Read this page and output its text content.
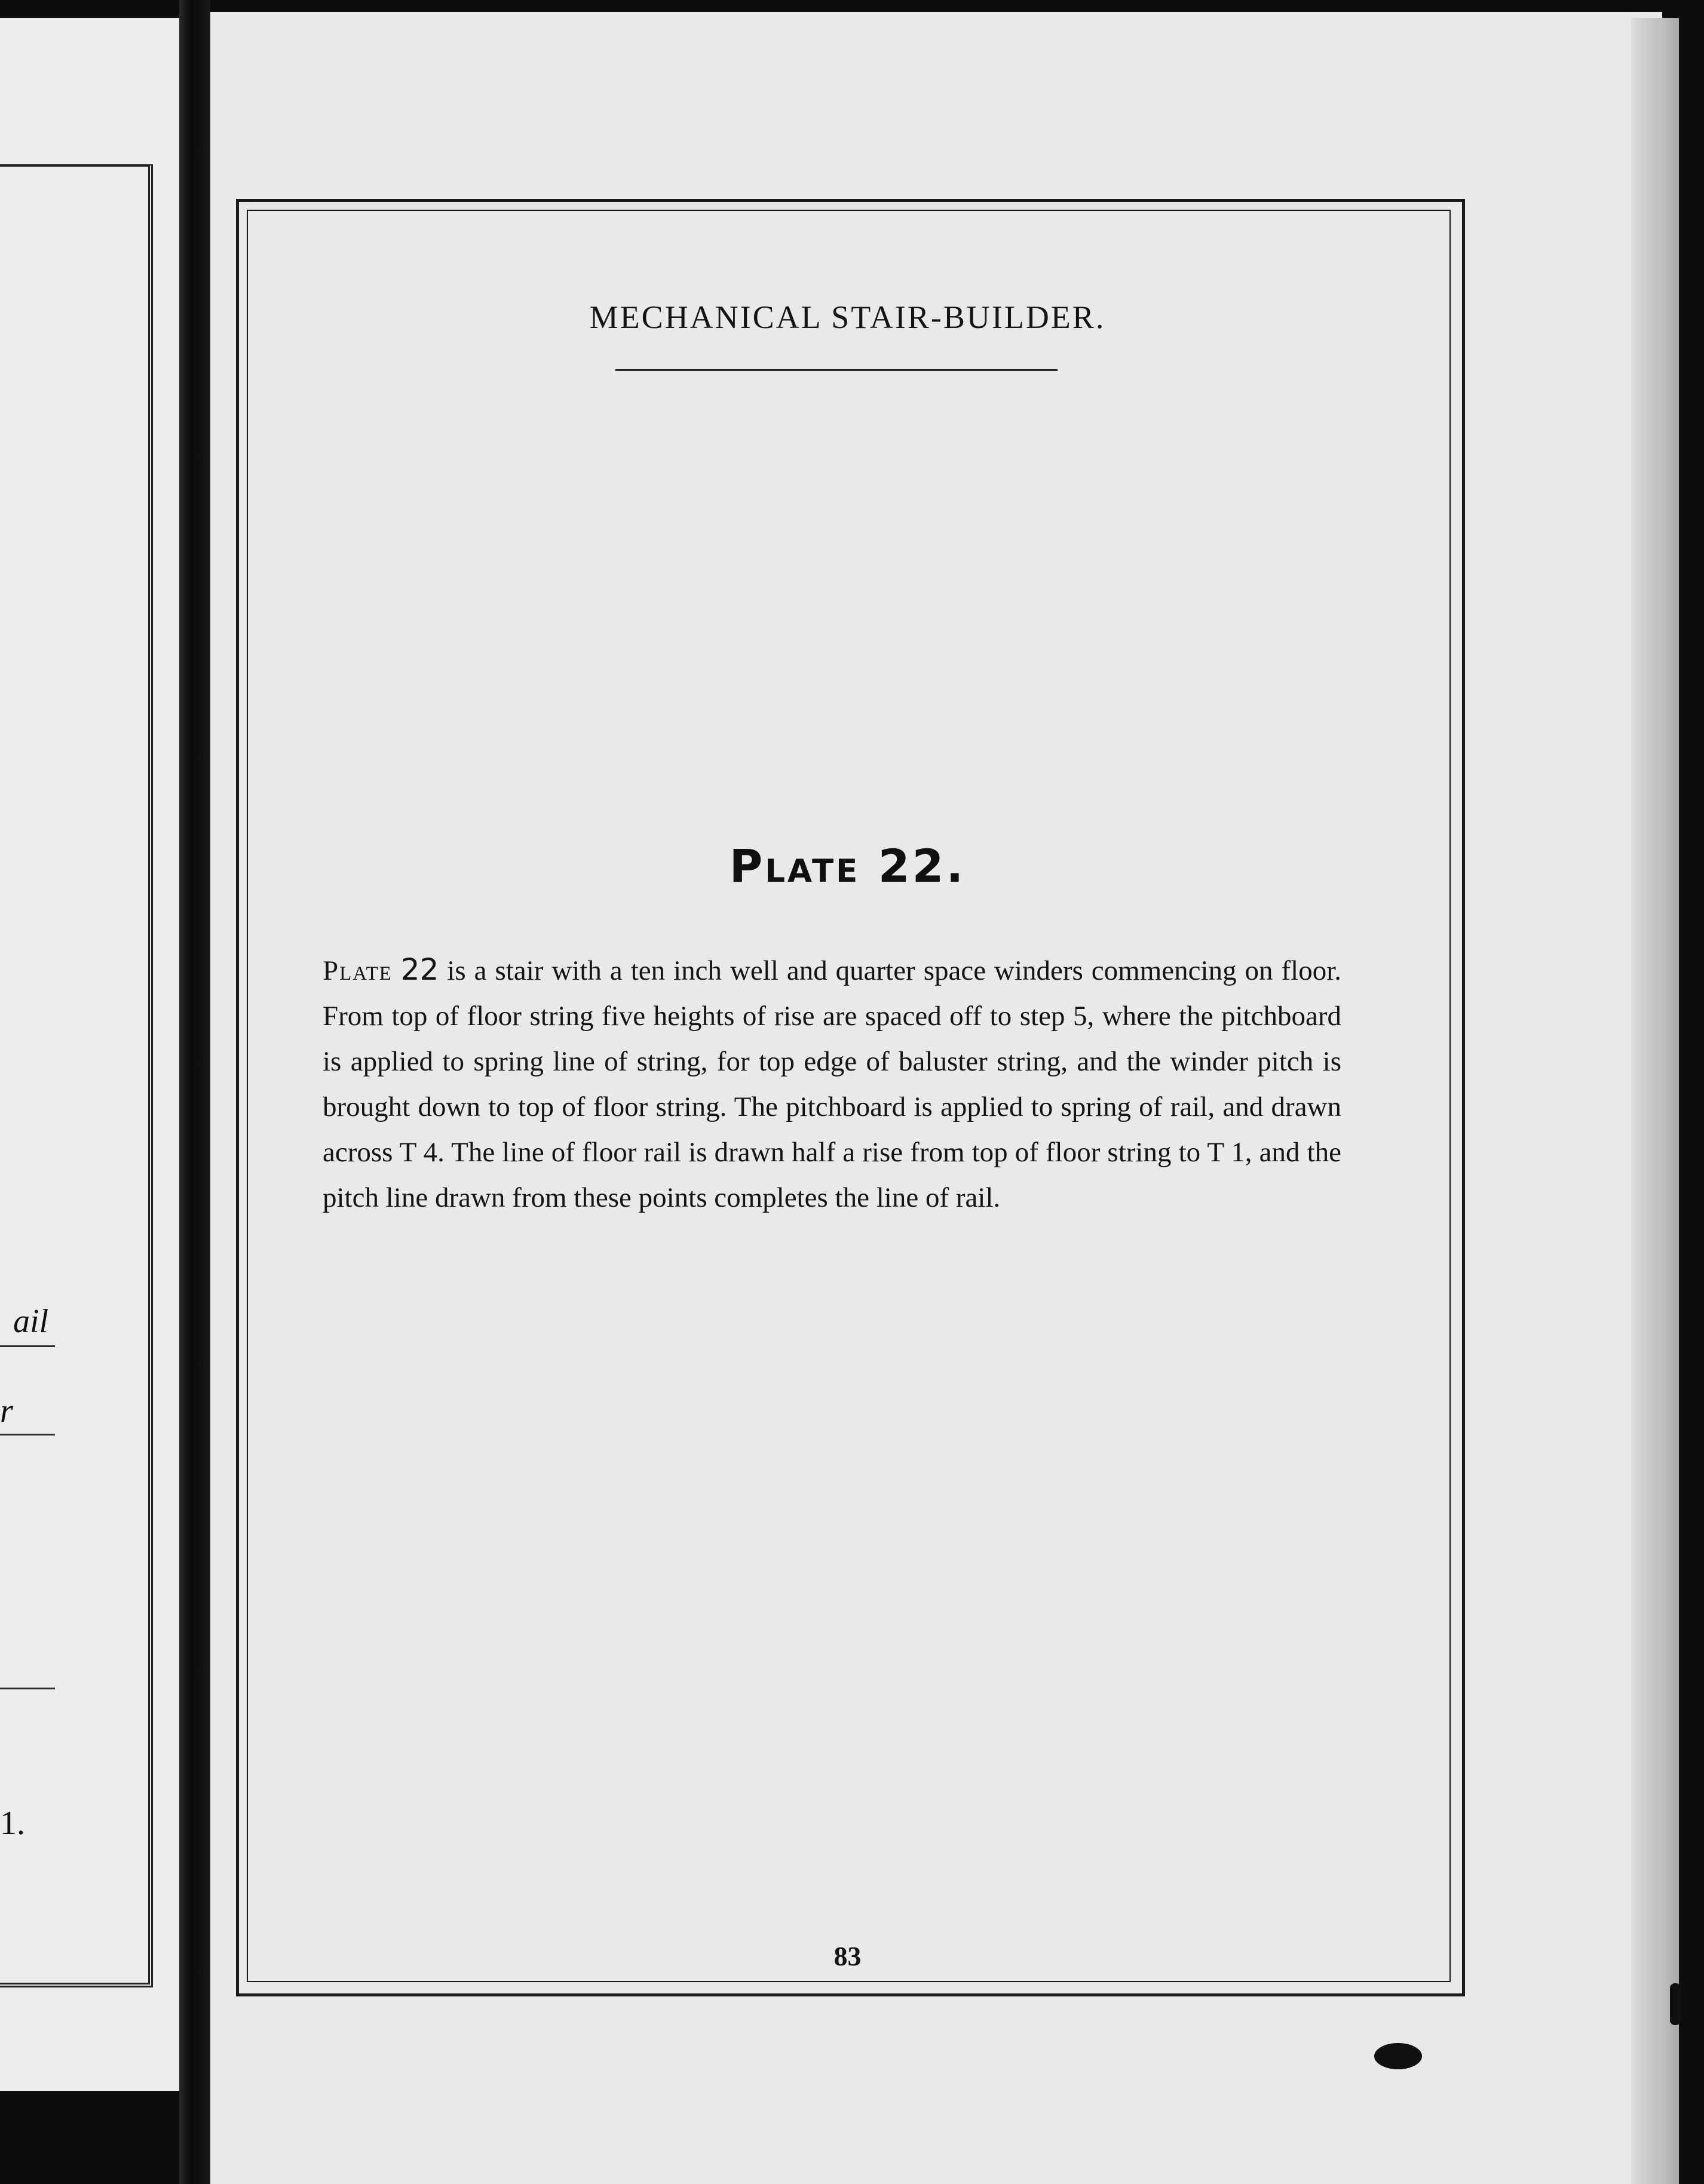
ail
r
1.
MECHANICAL STAIR-BUILDER.
Plate 22.
Plate 22 is a stair with a ten inch well and quarter space winders commencing on floor. From top of floor string five heights of rise are spaced off to step 5, where the pitchboard is applied to spring line of string, for top edge of baluster string, and the winder pitch is brought down to top of floor string. The pitchboard is applied to spring of rail, and drawn across T 4. The line of floor rail is drawn half a rise from top of floor string to T 1, and the pitch line drawn from these points completes the line of rail.
83
